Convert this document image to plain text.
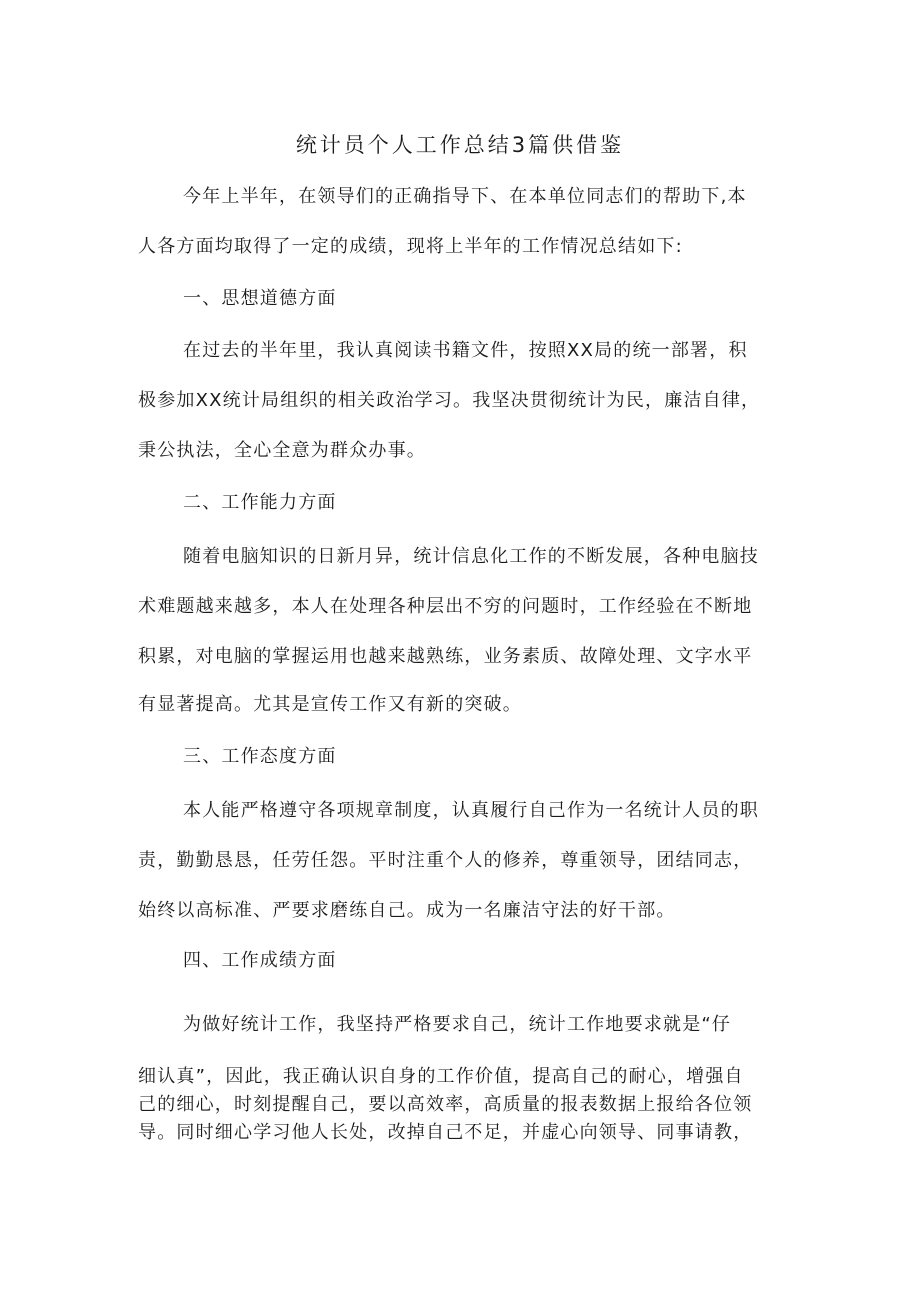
统计员个人工作总结3篇供借鉴

今年上半年，在领导们的正确指导下、在本单位同志们的帮助下,本

人各方面均取得了一定的成绩，现将上半年的工作情况总结如下:

一、思想道德方面

在过去的半年里，我认真阅读书籍文件，按照XX局的统一部署，积

极参加XX统计局组织的相关政治学习。我坚决贯彻统计为民，廉洁自律，

秉公执法，全心全意为群众办事。

二、工作能力方面

随着电脑知识的日新月异，统计信息化工作的不断发展，各种电脑技

术难题越来越多，本人在处理各种层出不穷的问题时，工作经验在不断地

积累，对电脑的掌握运用也越来越熟练，业务素质、故障处理、文字水平

有显著提高。尤其是宣传工作又有新的突破。

三、工作态度方面

本人能严格遵守各项规章制度，认真履行自己作为一名统计人员的职

责，勤勤恳恳，任劳任怨。平时注重个人的修养，尊重领导，团结同志，

始终以高标准、严要求磨练自己。成为一名廉洁守法的好干部。

四、工作成绩方面

为做好统计工作，我坚持严格要求自己，统计工作地要求就是“仔

细认真”，因此，我正确认识自身的工作价值，提高自己的耐心，增强自

己的细心，时刻提醒自己，要以高效率，高质量的报表数据上报给各位领

导。同时细心学习他人长处，改掉自己不足，并虚心向领导、同事请教，
